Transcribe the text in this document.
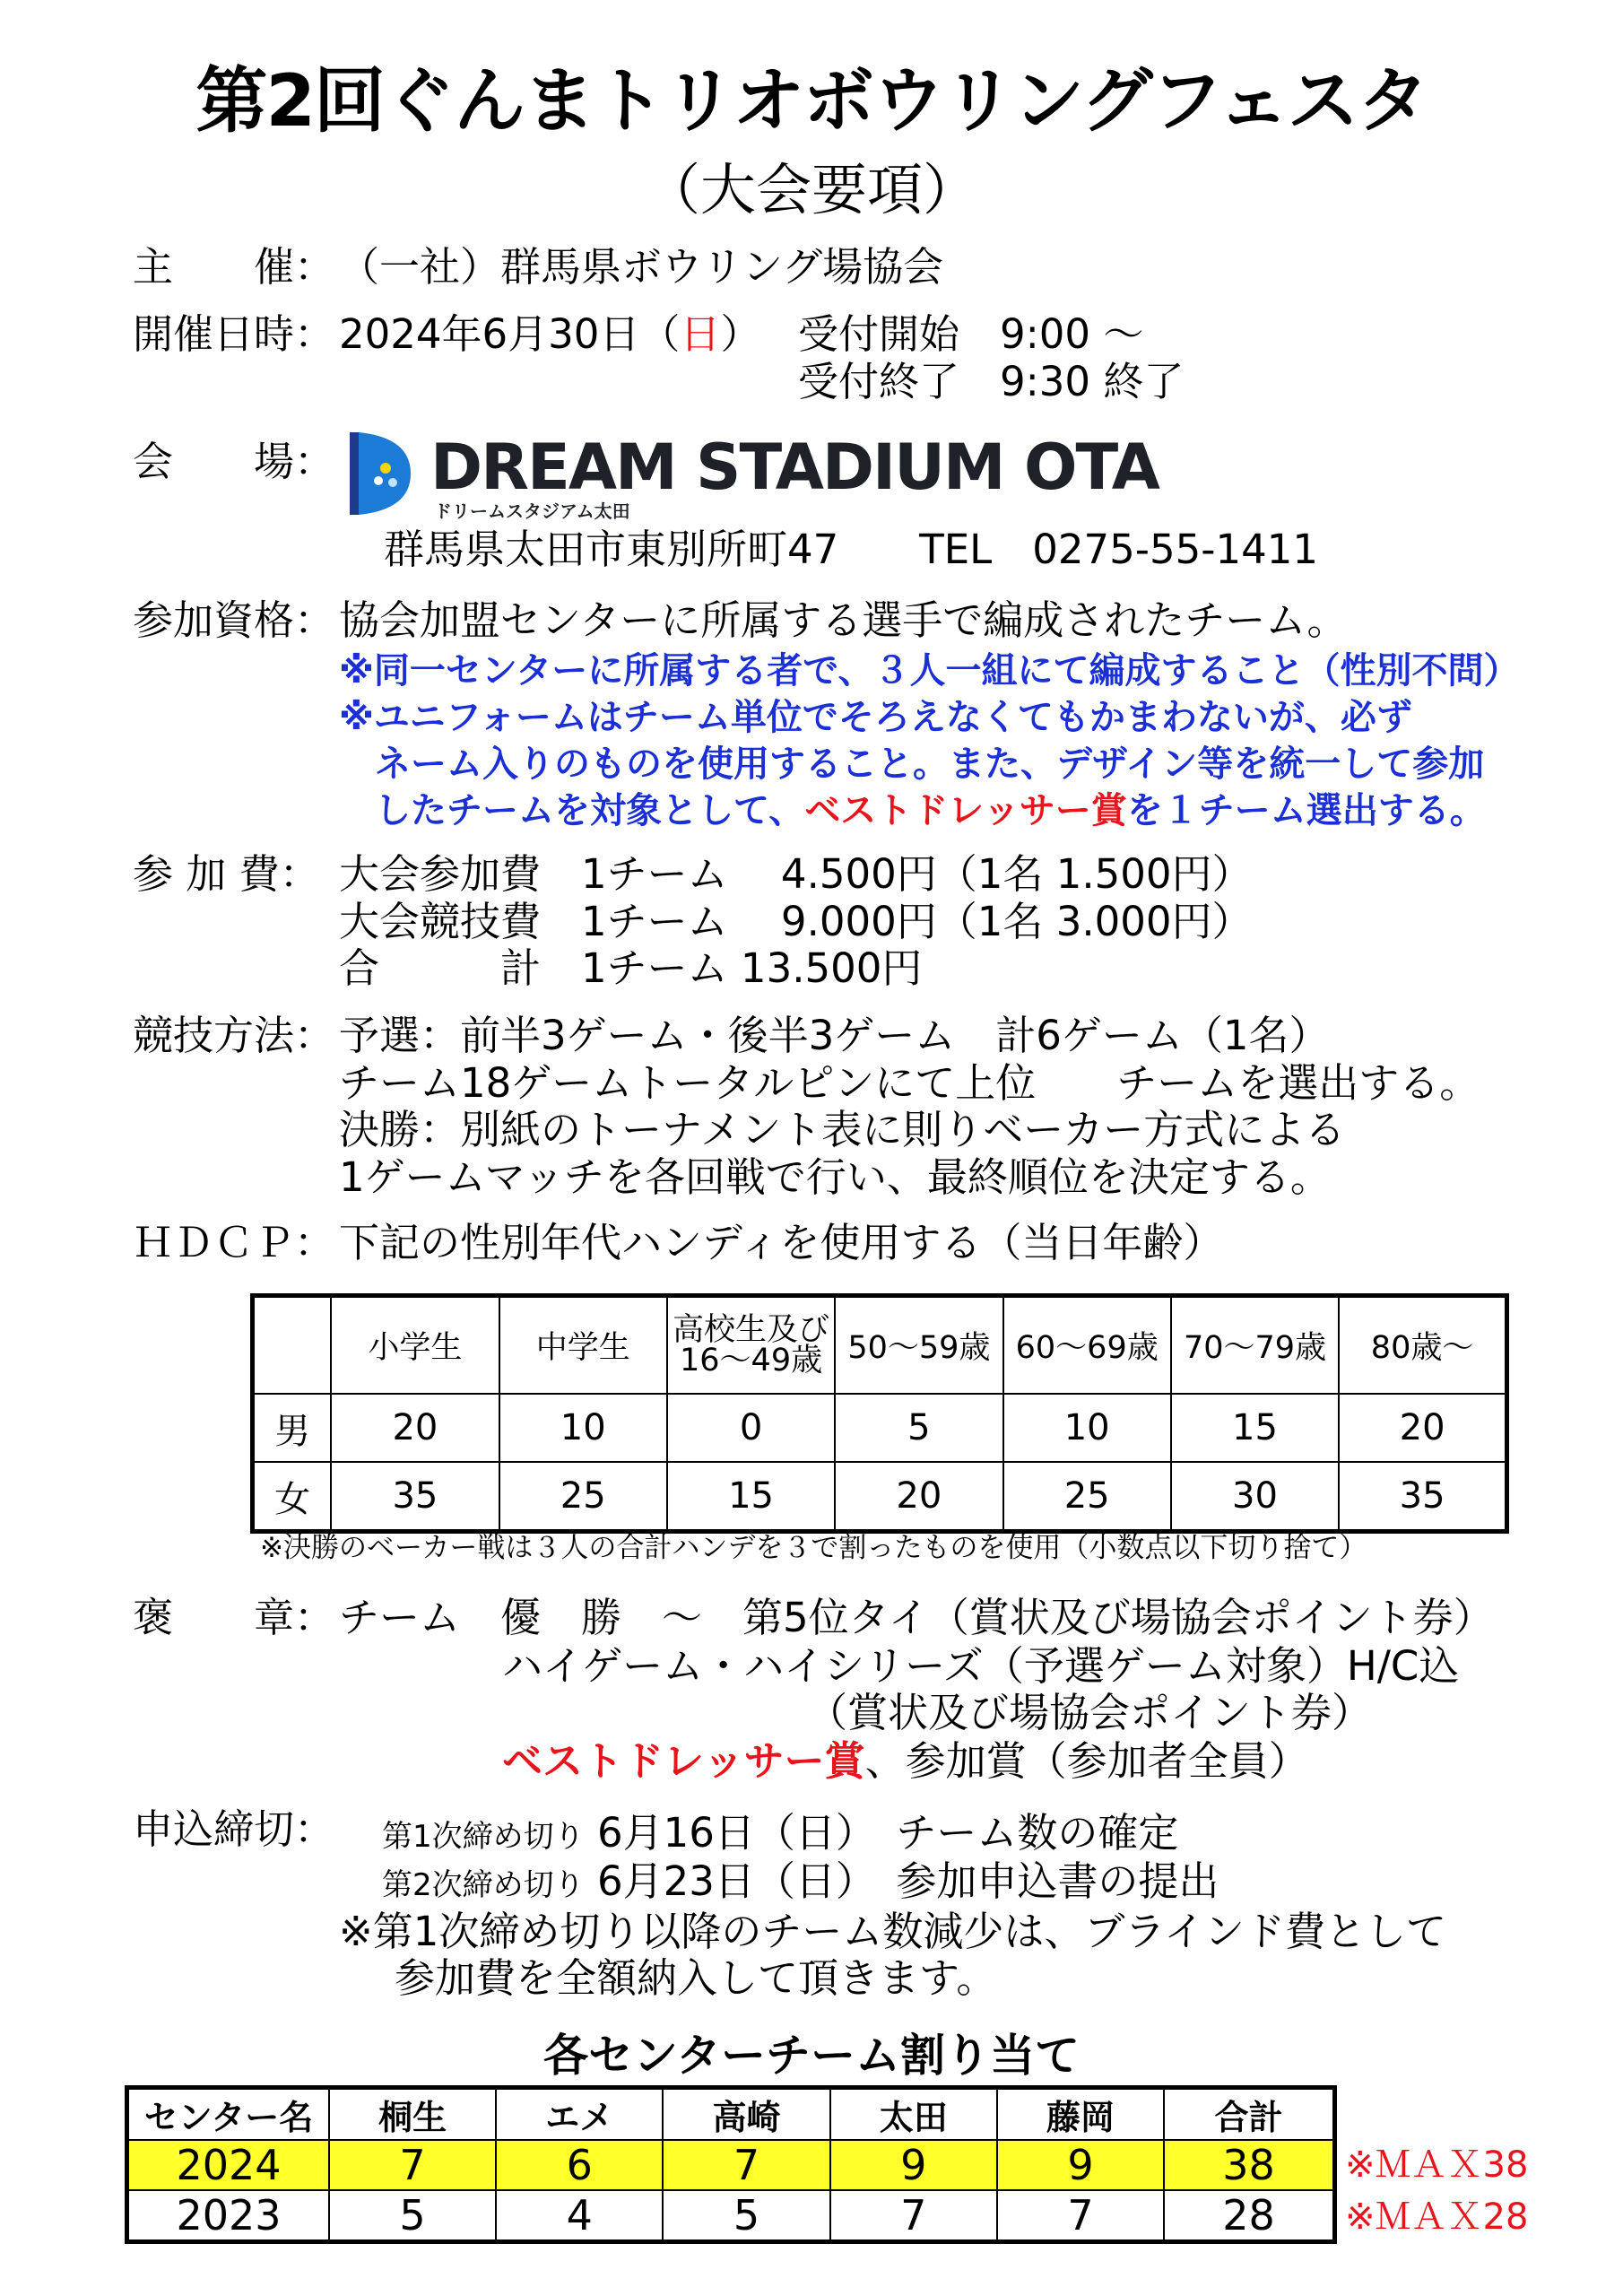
第2回ぐんまトリオボウリングフェスタ
（大会要項）
主　　催： （一社）群馬県ボウリング場協会
開催日時： 2024年6月30日（日） 受付開始　9:00 ～
受付終了　9:30 終了
会　　場： DREAM STADIUM OTA
ドリームスタジアム太田
群馬県太田市東別所町47　　TEL　0275-55-1411
参加資格： 協会加盟センターに所属する選手で編成されたチーム。
※同一センターに所属する者で、３人一組にて編成すること（性別不問）
※ユニフォームはチーム単位でそろえなくてもかまわないが、必ず
ネーム入りのものを使用すること。また、デザイン等を統一して参加
したチームを対象として、ベストドレッサー賞を１チーム選出する。
参 加 費： 大会参加費　1チーム　 4.500円（1名 1.500円）
大会競技費　1チーム　 9.000円（1名 3.000円）
合　　　計　1チーム 13.500円
競技方法： 予選：前半3ゲーム・後半3ゲーム　計6ゲーム（1名）
チーム18ゲームトータルピンにて上位　　チームを選出する。
決勝：別紙のトーナメント表に則りベーカー方式による
1ゲームマッチを各回戦で行い、最終順位を決定する。
ＨＤＣＰ： 下記の性別年代ハンディを使用する（当日年齢）
	小学生	中学生	高校生及び
16～49歳	50～59歳	60～69歳	70～79歳	80歳～
男	20	10	0	5	10	15	20
女	35	25	15	20	25	30	35
※決勝のベーカー戦は３人の合計ハンデを３で割ったものを使用（小数点以下切り捨て）
褒　　章： チーム　優　勝　～　第5位タイ（賞状及び場協会ポイント券）
ハイゲーム・ハイシリーズ（予選ゲーム対象）H/C込
（賞状及び場協会ポイント券）
ベストドレッサー賞、参加賞（参加者全員）
申込締切： 第1次締め切り 6月16日（日）　チーム数の確定
第2次締め切り 6月23日（日）　参加申込書の提出
※第1次締め切り以降のチーム数減少は、ブラインド費として
参加費を全額納入して頂きます。
各センターチーム割り当て
センター名	桐生	エメ	高崎	太田	藤岡	合計
2024	7	6	7	9	9	38
2023	5	4	5	7	7	28
※ＭＡＸ38
※ＭＡＸ28
